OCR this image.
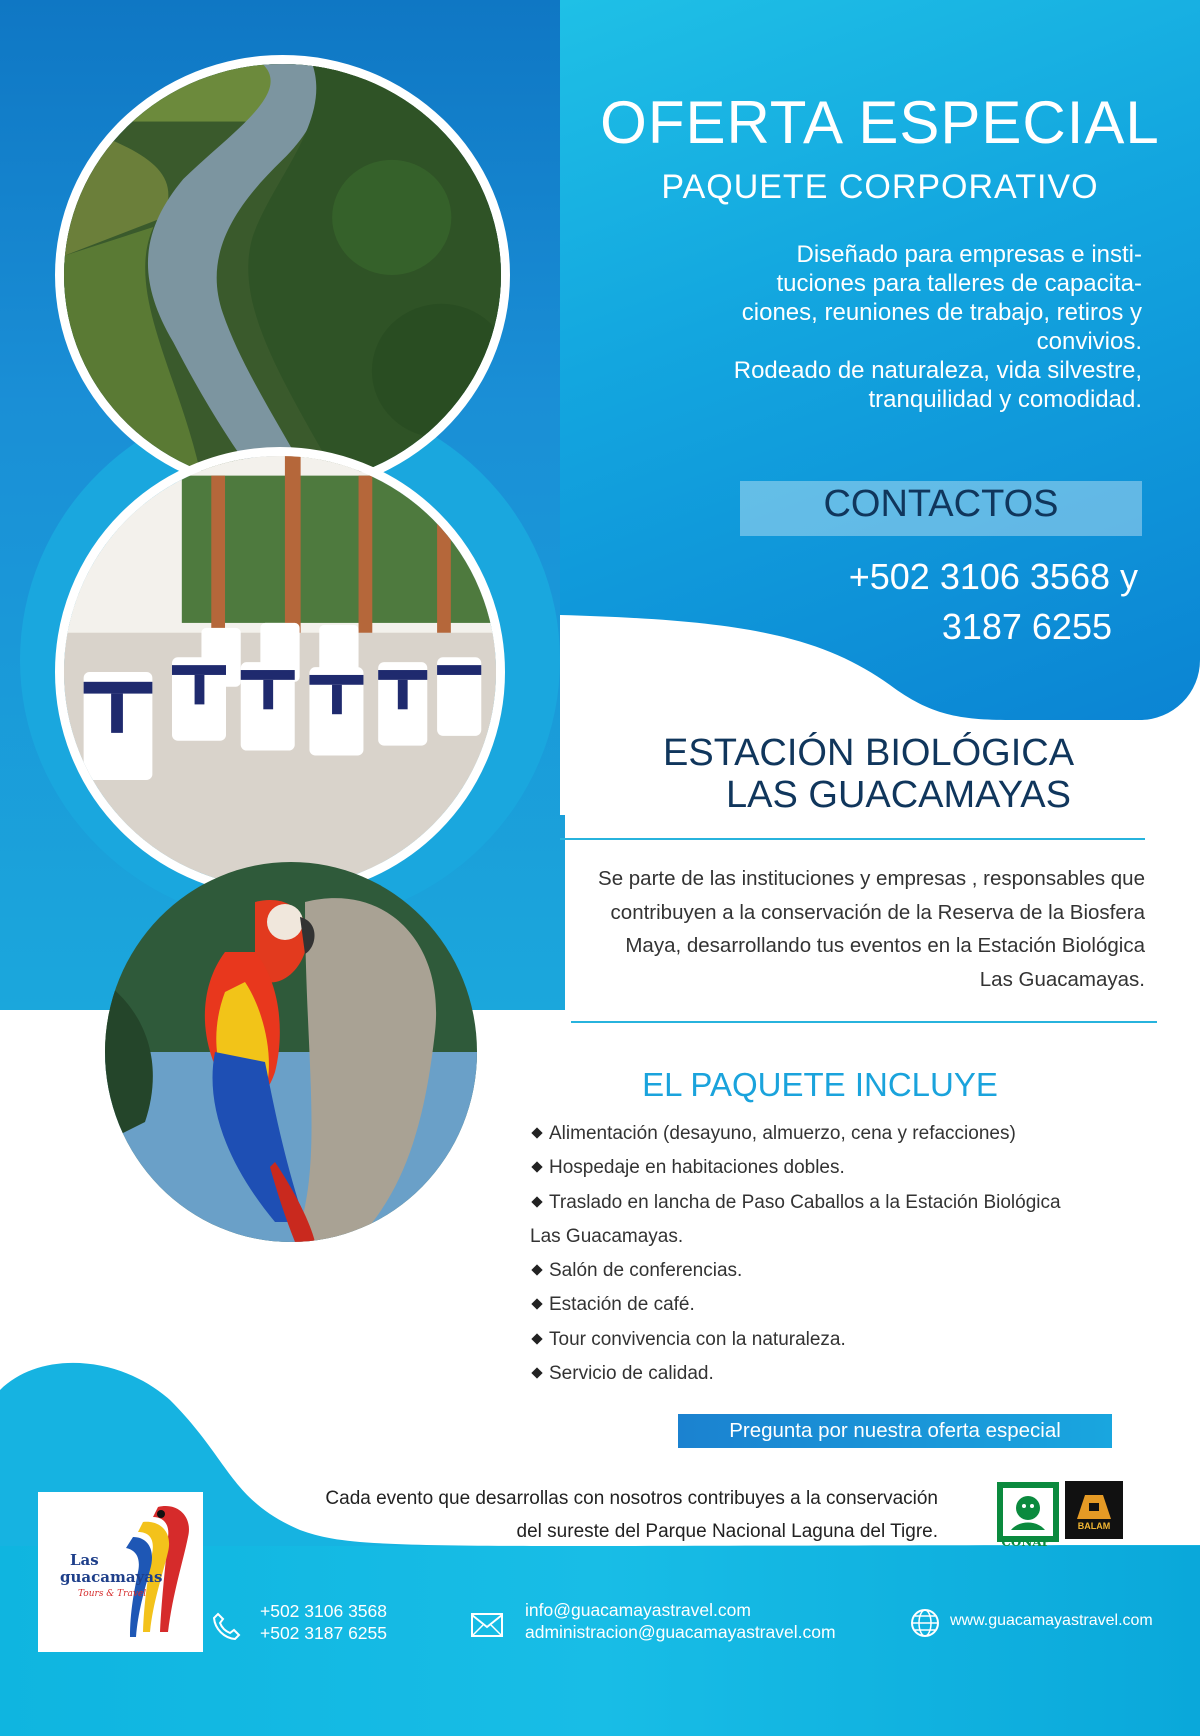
OFERTA ESPECIAL
PAQUETE CORPORATIVO
Diseñado para empresas e insti-
tuciones para talleres de capacita-
ciones, reuniones de trabajo, retiros y
convivios.
Rodeado de naturaleza, vida silvestre,
tranquilidad y comodidad.
CONTACTOS
+502 3106 3568 y
3187 6255
ESTACIÓN BIOLÓGICA
LAS GUACAMAYAS
Se parte de las instituciones y empresas , responsables que
contribuyen a la conservación de la Reserva de la Biosfera
Maya, desarrollando tus eventos en la Estación Biológica
Las Guacamayas.
EL PAQUETE INCLUYE
Alimentación (desayuno, almuerzo, cena y refacciones)
Hospedaje en habitaciones dobles.
Traslado en lancha de Paso Caballos a la Estación Biológica
Las Guacamayas.
Salón de conferencias.
Estación de café.
Tour convivencia con la naturaleza.
Servicio de calidad.
Pregunta por nuestra oferta especial
Cada evento que desarrollas con nosotros contribuyes a la conservación
del sureste del Parque Nacional Laguna del Tigre.
Las
guacamayas
Tours & Travel
CONAP
BALAM
+502 3106 3568
+502 3187 6255
info@guacamayastravel.com
administracion@guacamayastravel.com
www.guacamayastravel.com
